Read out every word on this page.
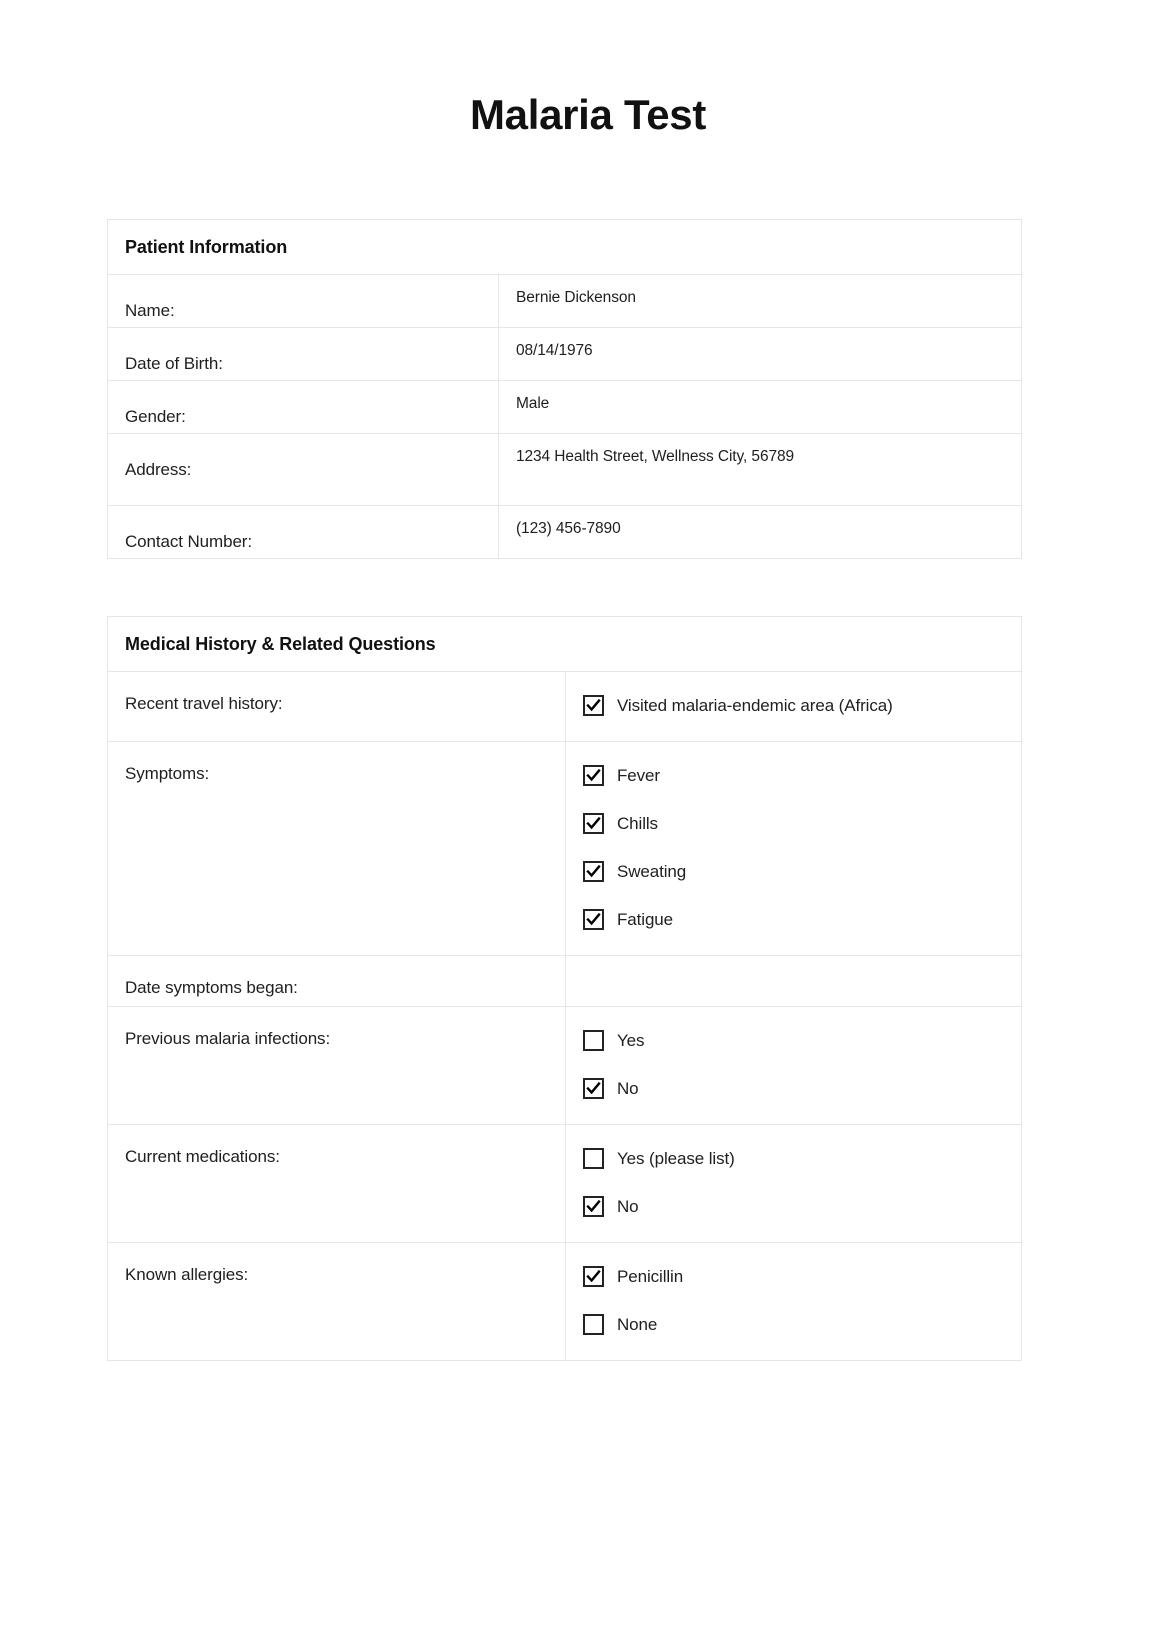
Malaria Test
Patient Information	
Name:	Bernie Dickenson
Date of Birth:	08/14/1976
Gender:	Male
Address:	1234 Health Street, Wellness City, 56789
Contact Number:	(123) 456-7890
Medical History & Related Questions	
Recent travel history:	Visited malaria-endemic area (Africa)

Symptoms:	Fever
Chills
Sweating
Fatigue

Date symptoms began:	
Previous malaria infections:	Yes
No

Current medications:	Yes (please list)
No

Known allergies:	Penicillin
None
